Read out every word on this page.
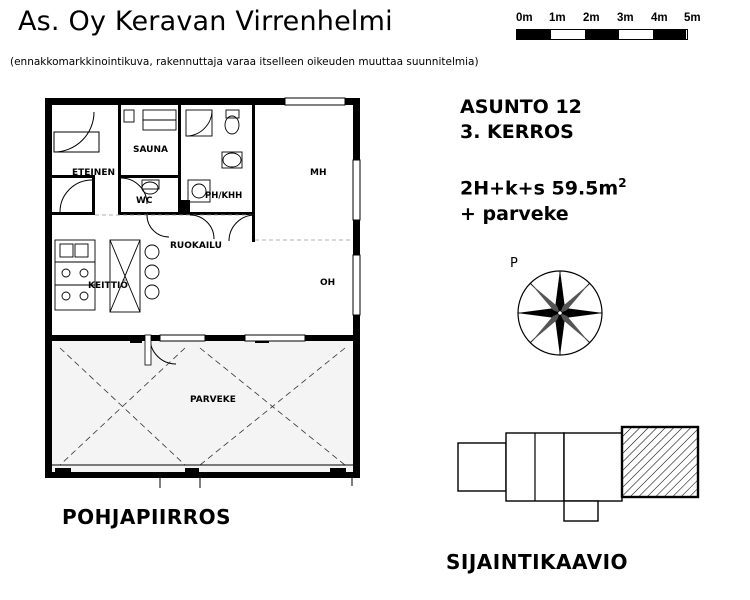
As. Oy Keravan Virrenhelmi
(ennakkomarkkinointikuva, rakennuttaja varaa itselleen oikeuden muuttaa suunnitelmia)
0m 1m 2m 3m 4m 5m
ASUNTO 12
3. KERROS
2H+k+s $59.5m^2$
+ parveke
P
ETEINEN
SAUNA
WC	PH/KHH
MH
RUOKAILU
KEITTIÖ	OH
PARVEKE
POHJAPIIRROS
SIJAINTIKAAVIO
